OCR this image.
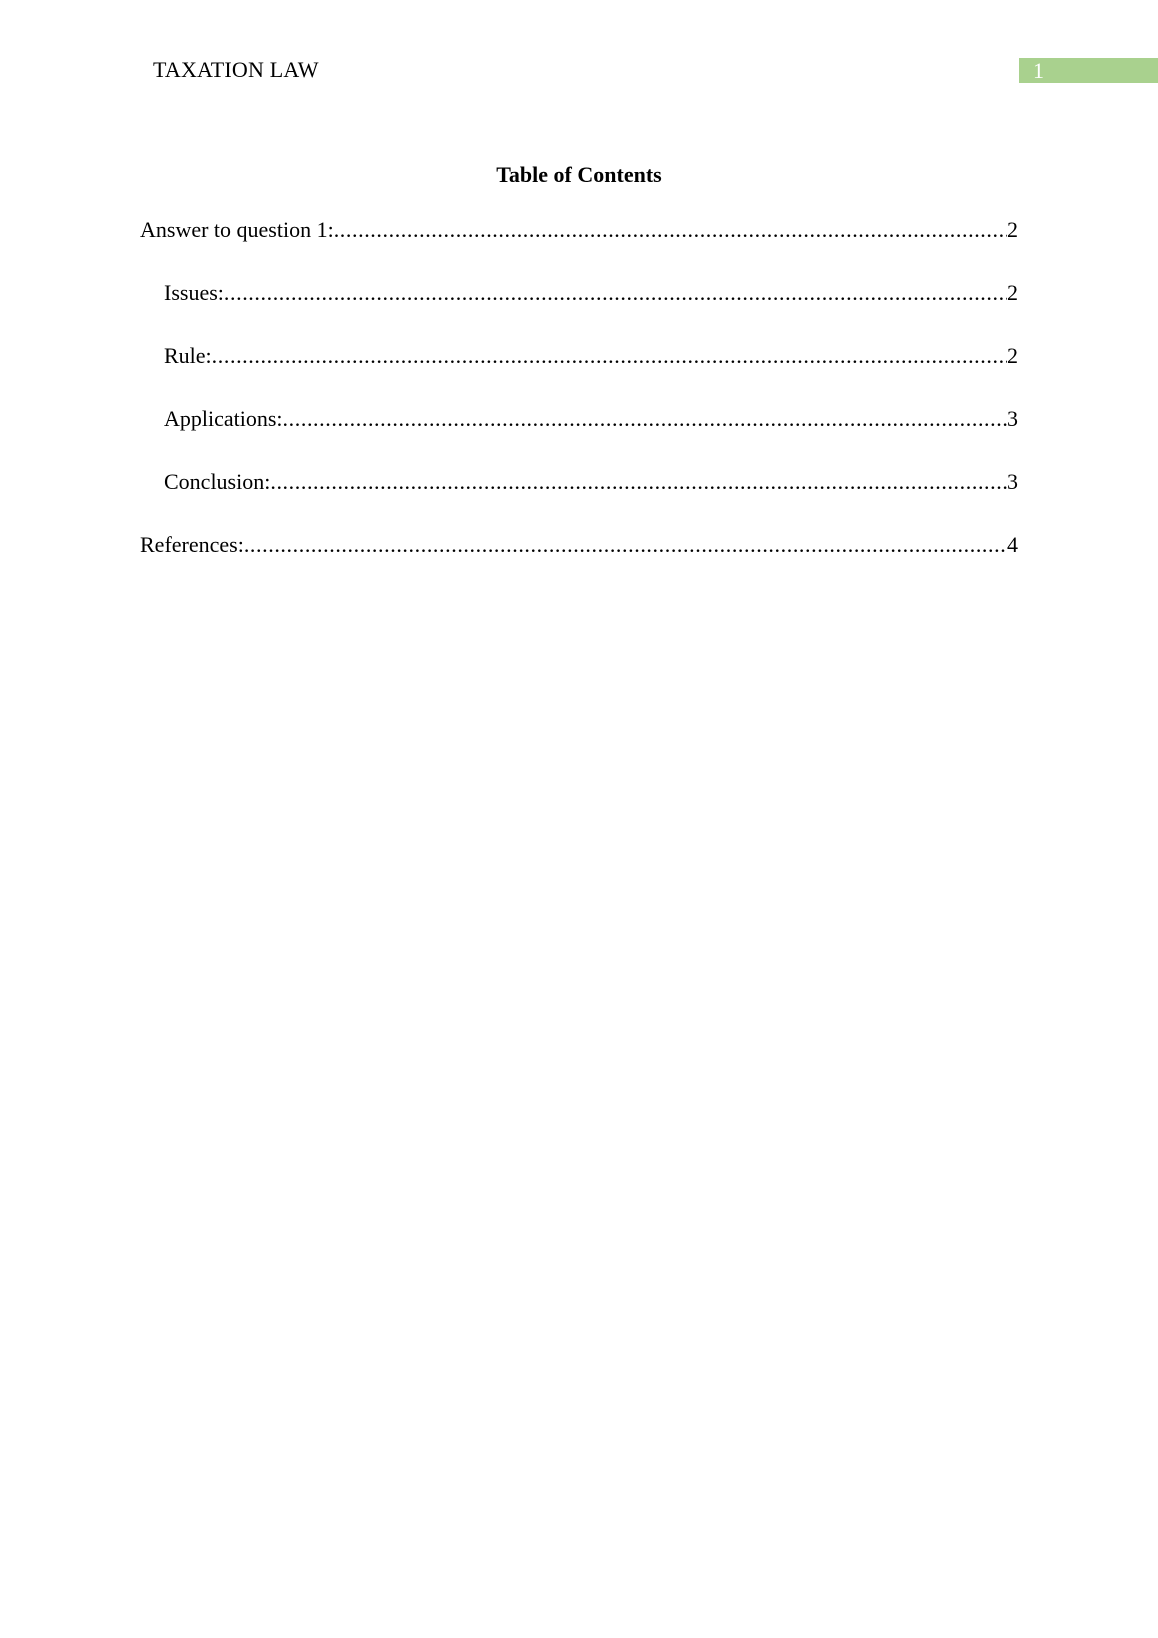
TAXATION LAW	1
Table of Contents
Answer to question 1: .....	2
Issues: .....	2
Rule: .....	2
Applications: .....	3
Conclusion: .....	3
References: .....	4
